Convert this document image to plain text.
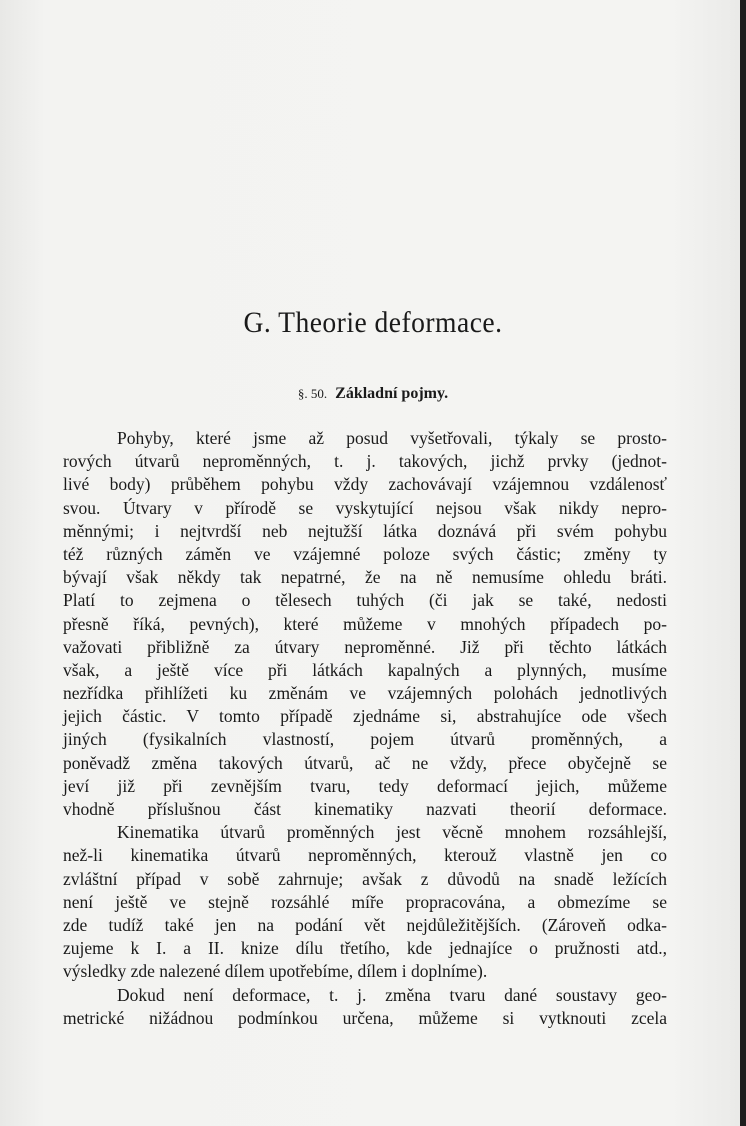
G. Theorie deformace.
§. 50. Základní pojmy.
Pohyby, které jsme až posud vyšetřovali, týkaly se prosto-
rových útvarů neproměnných, t. j. takových, jichž prvky (jednot-
livé body) průběhem pohybu vždy zachovávají vzájemnou vzdálenosť
svou. Útvary v přírodě se vyskytující nejsou však nikdy nepro-
měnnými; i nejtvrdší neb nejtužší látka doznává při svém pohybu
též různých záměn ve vzájemné poloze svých částic; změny ty
bývají však někdy tak nepatrné, že na ně nemusíme ohledu bráti.
Platí to zejmena o tělesech tuhých (či jak se také, nedosti
přesně říká, pevných), které můžeme v mnohých případech po-
važovati přibližně za útvary neproměnné. Již při těchto látkách
však, a ještě více při látkách kapalných a plynných, musíme
nezřídka přihlížeti ku změnám ve vzájemných polohách jednotlivých
jejich částic. V tomto případě zjednáme si, abstrahujíce ode všech
jiných (fysikalních vlastností, pojem útvarů proměnných, a
poněvadž změna takových útvarů, ač ne vždy, přece obyčejně se
jeví již při zevnějším tvaru, tedy deformací jejich, můžeme
vhodně příslušnou část kinematiky nazvati theorií deformace.
Kinematika útvarů proměnných jest věcně mnohem rozsáhlejší,
než-li kinematika útvarů neproměnných, kterouž vlastně jen co
zvláštní případ v sobě zahrnuje; avšak z důvodů na snadě ležících
není ještě ve stejně rozsáhlé míře propracována, a obmezíme se
zde tudíž také jen na podání vět nejdůležitějších. (Zároveň odka-
zujeme k I. a II. knize dílu třetího, kde jednajíce o pružnosti atd.,
výsledky zde nalezené dílem upotřebíme, dílem i doplníme).
Dokud není deformace, t. j. změna tvaru dané soustavy geo-
metrické nižádnou podmínkou určena, můžeme si vytknouti zcela
